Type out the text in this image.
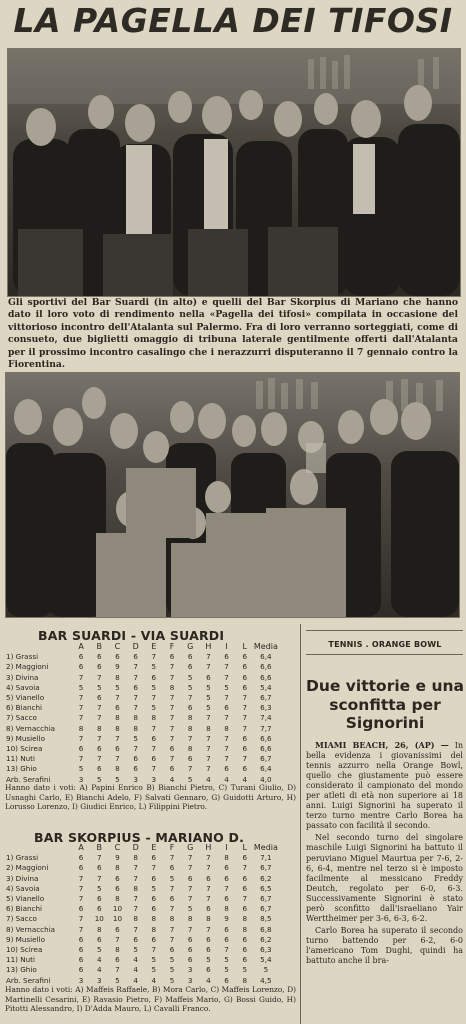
LA PAGELLA DEI TIFOSI
Gli sportivi del Bar Suardi (in alto) e quelli del Bar Skorpius di Mariano che hanno dato il loro voto di rendimento nella «Pagella dei tifosi» compilata in occasione del vittorioso incontro dell'Atalanta sul Palermo. Fra di loro verranno sorteggiati, come di consueto, due biglietti omaggio di tribuna laterale gentilmente offerti dall'Atalanta per il prossimo incontro casalingo che i nerazzurri disputeranno il 7 gennaio contro la Fiorentina.
BAR SUARDI - VIA SUARDI
	A	B	C	D	E	F	G	H	I	L	Media
1) Grassi	6	6	6	6	7	6	6	7	6	6	6,4
2) Maggioni	6	6	9	7	5	7	6	7	7	6	6,6
3) Divina	7	7	8	7	6	7	5	6	7	6	6,6
4) Savoia	5	5	5	6	5	8	5	5	5	6	5,4
5) Vianello	7	6	7	7	7	7	7	5	7	7	6,7
6) Bianchi	7	7	6	7	5	7	6	5	6	7	6,3
7) Sacco	7	7	8	8	8	7	8	7	7	7	7,4
8) Vernacchia	8	8	8	8	7	7	8	8	8	7	7,7
9) Musiello	7	7	7	5	6	7	7	7	7	6	6,6
10) Scirea	6	6	6	7	7	6	8	7	7	6	6,6
11) Nuti	7	7	7	6	6	7	6	7	7	7	6,7
13) Ghio	5	6	8	6	7	6	7	7	6	6	6,4
Arb. Serafini	3	5	5	3	3	4	5	4	4	4	4,0
Hanno dato i voti: A) Papini Enrico B) Bianchi Pietro, C) Turani Giulio, D) Usnaghi Carlo, E) Bianchi Adelo, F) Salvati Gennaro, G) Guidotti Arturo, H) Lorusso Lorenzo, I) Giudici Enrico, L) Filippini Pietro.
BAR SKORPIUS - MARIANO D.
	A	B	C	D	E	F	G	H	I	L	Media
1) Grassi	6	7	9	8	6	7	7	7	8	6	7,1
2) Maggioni	6	6	8	7	7	6	7	7	6	7	6,7
3) Divina	7	7	6	7	6	5	6	6	6	6	6,2
4) Savoia	7	5	6	8	5	7	7	7	7	6	6,5
5) Vianello	7	6	8	7	6	6	7	7	6	7	6,7
6) Bianchi	6	6	10	7	6	7	5	6	8	6	6,7
7) Sacco	7	10	10	8	8	8	8	8	9	8	8,5
8) Vernacchia	7	8	6	7	8	7	7	7	6	8	6,8
9) Musiello	6	6	7	6	6	7	6	6	6	6	6,2
10) Scirea	6	5	8	5	7	6	6	6	7	6	6,3
11) Nuti	6	4	6	4	5	5	6	5	5	6	5,4
13) Ghio	6	4	7	4	5	5	3	6	5	5	5
Arb. Serafini	3	3	5	4	4	5	3	4	6	8	4,5
Hanno dato i voti: A) Maffeis Raffaele, B) Mora Carlo, C) Maffeis Lorenzo, D) Martinelli Cesarini, E) Ravasio Pietro, F) Maffeis Mario, G) Bossi Guido, H) Pitotti Alessandro, I) D'Adda Mauro, L) Cavalli Franco.
TENNIS . ORANGE BOWL
Due vittorie e una sconfitta per Signorini

MIAMI BEACH, 26, (AP) — In bella evidenza i giovanissimi del tennis azzurro nella Orange Bowl, quello che giustamente può essere considerato il campionato del mondo per atleti di età non superiore ai 18 anni. Luigi Signorini ha superato il terzo turno mentre Carlo Borea ha passato con facilità il secondo.

Nel secondo turno del singolare maschile Luigi Signorini ha battuto il peruviano Miguel Maurtua per 7-6, 2-6, 6-4, mentre nel terzo si è imposto facilmente al messicano Freddy Deutch, regolato per 6-0, 6-3. Successivamente Signorini è stato però sconfitto dall'israeliano Yair Werttheimer per 3-6, 6-3, 6-2.

Carlo Borea ha superato il secondo turno battendo per 6-2, 6-0 l'americano Tom Dughi, quindi ha battuto anche il bra-
